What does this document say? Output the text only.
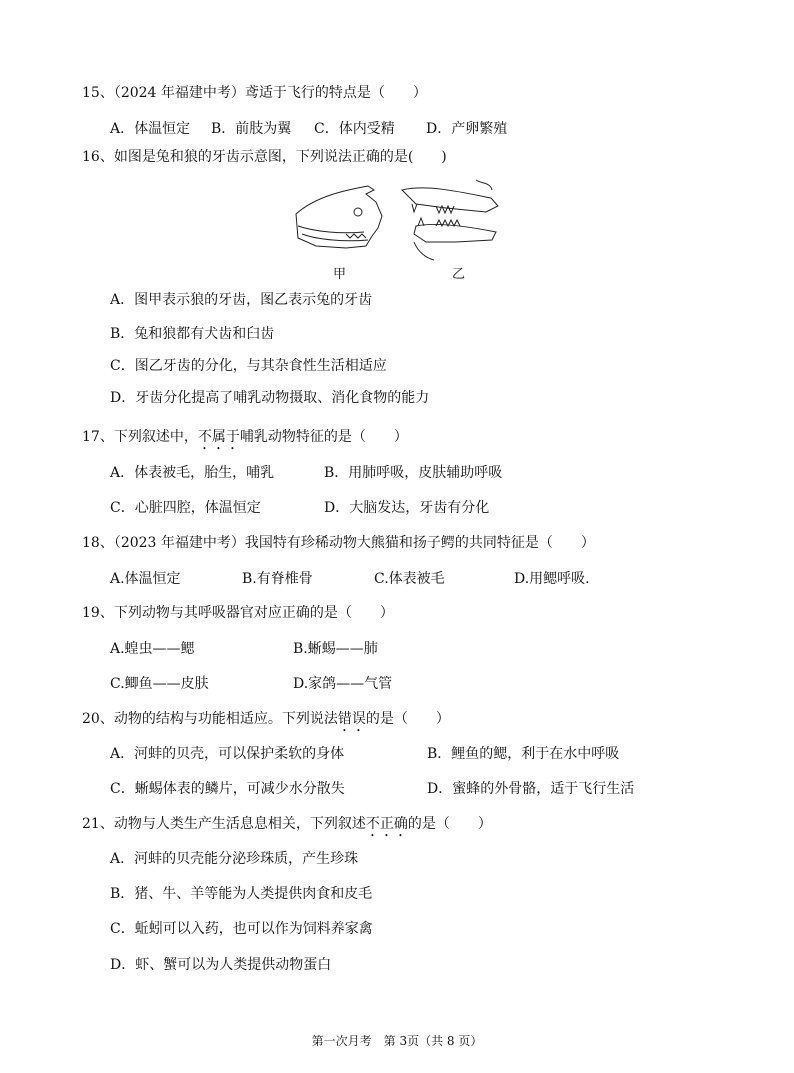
15、（2024 年福建中考）鸢适于飞行的特点是（　　）
A．体温恒定 B．前肢为翼 C．体内受精 D．产卵繁殖
16、如图是兔和狼的牙齿示意图，下列说法正确的是(　　)
甲	乙
A．图甲表示狼的牙齿，图乙表示兔的牙齿
B．兔和狼都有犬齿和臼齿
C．图乙牙齿的分化，与其杂食性生活相适应
D．牙齿分化提高了哺乳动物摄取、消化食物的能力
17、下列叙述中，不属于哺乳动物特征的是（　　）
A．体表被毛，胎生，哺乳	B．用肺呼吸，皮肤辅助呼吸
C．心脏四腔，体温恒定	D．大脑发达，牙齿有分化
18、（2023 年福建中考）我国特有珍稀动物大熊猫和扬子鳄的共同特征是（　　）
A.体温恒定	B.有脊椎骨	C.体表被毛	D.用鳃呼吸.
19、下列动物与其呼吸器官对应正确的是（　　）
A.蝗虫——鳃	B.蜥蜴——肺
C.鲫鱼——皮肤	D.家鸽——气管
20、动物的结构与功能相适应。下列说法错误的是（　　）
A．河蚌的贝壳，可以保护柔软的身体	B．鲤鱼的鳃，利于在水中呼吸
C．蜥蜴体表的鳞片，可减少水分散失	D．蜜蜂的外骨骼，适于飞行生活
21、动物与人类生产生活息息相关，下列叙述不正确的是（　　）
A．河蚌的贝壳能分泌珍珠质，产生珍珠
B．猪、牛、羊等能为人类提供肉食和皮毛
C．蚯蚓可以入药，也可以作为饲料养家禽
D．虾、蟹可以为人类提供动物蛋白
第一次月考　第 3页（共 8 页）
